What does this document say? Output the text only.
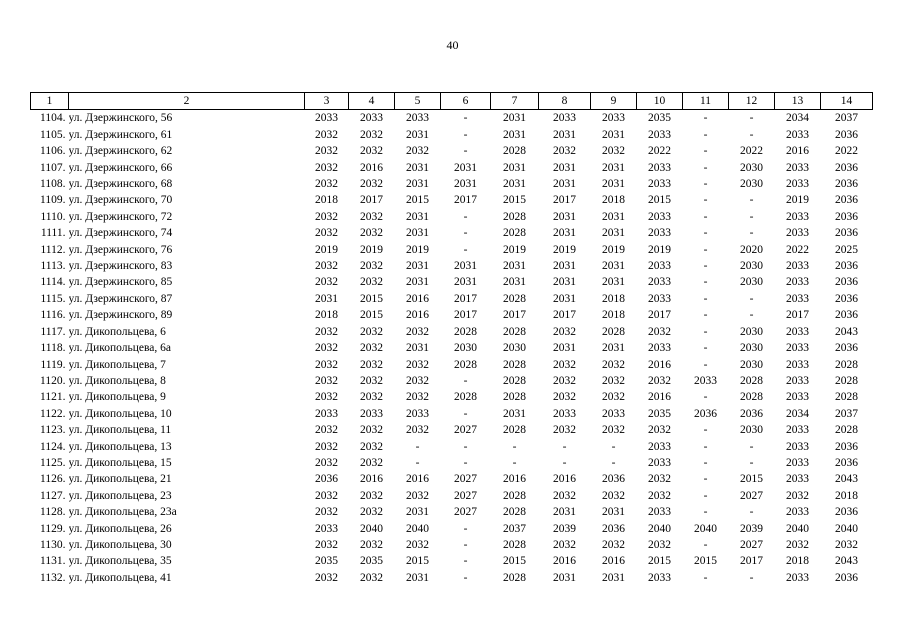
40
1	2	3	4	5	6	7	8	9	10	11	12	13	14
1104.	ул. Дзержинского, 56	2033	2033	2033	-	2031	2033	2033	2035	-	-	2034	2037
1105.	ул. Дзержинского, 61	2032	2032	2031	-	2031	2031	2031	2033	-	-	2033	2036
1106.	ул. Дзержинского, 62	2032	2032	2032	-	2028	2032	2032	2022	-	2022	2016	2022
1107.	ул. Дзержинского, 66	2032	2016	2031	2031	2031	2031	2031	2033	-	2030	2033	2036
1108.	ул. Дзержинского, 68	2032	2032	2031	2031	2031	2031	2031	2033	-	2030	2033	2036
1109.	ул. Дзержинского, 70	2018	2017	2015	2017	2015	2017	2018	2015	-	-	2019	2036
1110.	ул. Дзержинского, 72	2032	2032	2031	-	2028	2031	2031	2033	-	-	2033	2036
1111.	ул. Дзержинского, 74	2032	2032	2031	-	2028	2031	2031	2033	-	-	2033	2036
1112.	ул. Дзержинского, 76	2019	2019	2019	-	2019	2019	2019	2019	-	2020	2022	2025
1113.	ул. Дзержинского, 83	2032	2032	2031	2031	2031	2031	2031	2033	-	2030	2033	2036
1114.	ул. Дзержинского, 85	2032	2032	2031	2031	2031	2031	2031	2033	-	2030	2033	2036
1115.	ул. Дзержинского, 87	2031	2015	2016	2017	2028	2031	2018	2033	-	-	2033	2036
1116.	ул. Дзержинского, 89	2018	2015	2016	2017	2017	2017	2018	2017	-	-	2017	2036
1117.	ул. Дикопольцева, 6	2032	2032	2032	2028	2028	2032	2028	2032	-	2030	2033	2043
1118.	ул. Дикопольцева, 6а	2032	2032	2031	2030	2030	2031	2031	2033	-	2030	2033	2036
1119.	ул. Дикопольцева, 7	2032	2032	2032	2028	2028	2032	2032	2016	-	2030	2033	2028
1120.	ул. Дикопольцева, 8	2032	2032	2032	-	2028	2032	2032	2032	2033	2028	2033	2028
1121.	ул. Дикопольцева, 9	2032	2032	2032	2028	2028	2032	2032	2016	-	2028	2033	2028
1122.	ул. Дикопольцева, 10	2033	2033	2033	-	2031	2033	2033	2035	2036	2036	2034	2037
1123.	ул. Дикопольцева, 11	2032	2032	2032	2027	2028	2032	2032	2032	-	2030	2033	2028
1124.	ул. Дикопольцева, 13	2032	2032	-	-	-	-	-	2033	-	-	2033	2036
1125.	ул. Дикопольцева, 15	2032	2032	-	-	-	-	-	2033	-	-	2033	2036
1126.	ул. Дикопольцева, 21	2036	2016	2016	2027	2016	2016	2036	2032	-	2015	2033	2043
1127.	ул. Дикопольцева, 23	2032	2032	2032	2027	2028	2032	2032	2032	-	2027	2032	2018
1128.	ул. Дикопольцева, 23а	2032	2032	2031	2027	2028	2031	2031	2033	-	-	2033	2036
1129.	ул. Дикопольцева, 26	2033	2040	2040	-	2037	2039	2036	2040	2040	2039	2040	2040
1130.	ул. Дикопольцева, 30	2032	2032	2032	-	2028	2032	2032	2032	-	2027	2032	2032
1131.	ул. Дикопольцева, 35	2035	2035	2015	-	2015	2016	2016	2015	2015	2017	2018	2043
1132.	ул. Дикопольцева, 41	2032	2032	2031	-	2028	2031	2031	2033	-	-	2033	2036
